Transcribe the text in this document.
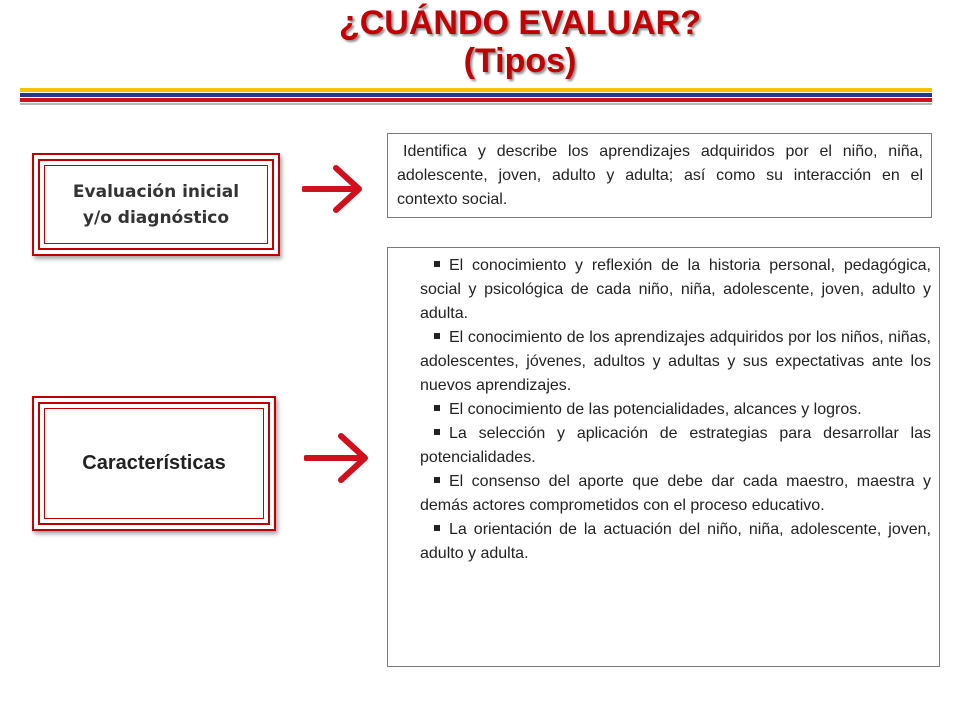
¿CUÁNDO EVALUAR?
(Tipos)
Evaluación inicial
y/o diagnóstico
Identifica y describe los aprendizajes adquiridos por el niño, niña, adolescente, joven, adulto y adulta; así como su interacción en el contexto social.
Características
El conocimiento y reflexión de la historia personal, pedagógica, social y psicológica de cada niño, niña, adolescente, joven, adulto y adulta.
El conocimiento de los aprendizajes adquiridos por los niños, niñas, adolescentes, jóvenes, adultos y adultas y sus expectativas ante los nuevos aprendizajes.
El conocimiento de las potencialidades, alcances y logros.
La selección y aplicación de estrategias para desarrollar las potencialidades.
El consenso del aporte que debe dar cada maestro, maestra y demás actores comprometidos con el proceso educativo.
La orientación de la actuación del niño, niña, adolescente, joven, adulto y adulta.
